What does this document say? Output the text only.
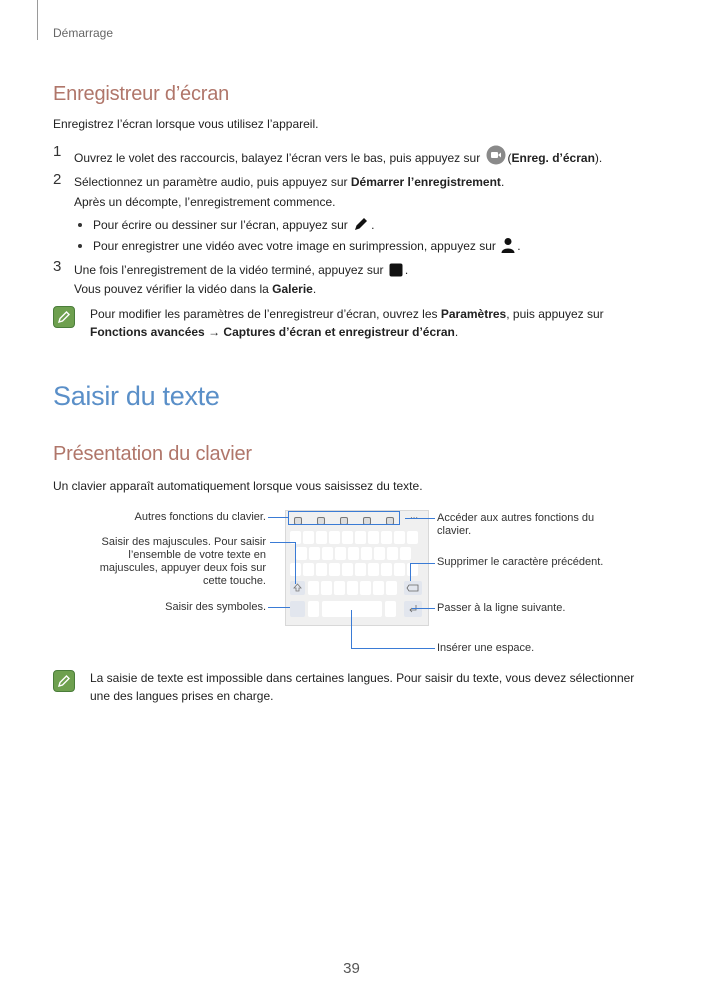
Démarrage
Enregistreur d’écran
Enregistrez l’écran lorsque vous utilisez l’appareil.
1 Ouvrez le volet des raccourcis, balayez l’écran vers le bas, puis appuyez sur (Enreg. d’écran).
2 Sélectionnez un paramètre audio, puis appuyez sur Démarrer l’enregistrement.
Après un décompte, l’enregistrement commence.
Pour écrire ou dessiner sur l’écran, appuyez sur .
Pour enregistrer une vidéo avec votre image en surimpression, appuyez sur .
3 Une fois l’enregistrement de la vidéo terminé, appuyez sur .
Vous pouvez vérifier la vidéo dans la Galerie.
Pour modifier les paramètres de l’enregistreur d’écran, ouvrez les Paramètres, puis appuyez sur
Fonctions avancées → Captures d’écran et enregistreur d’écran.
Saisir du texte
Présentation du clavier
Un clavier apparaît automatiquement lorsque vous saisissez du texte.
Autres fonctions du clavier.
Saisir des majuscules. Pour saisir
l’ensemble de votre texte en
majuscules, appuyer deux fois sur
cette touche.
Saisir des symboles.
Accéder aux autres fonctions du
clavier.
Supprimer le caractère précédent.
Passer à la ligne suivante.
Insérer une espace.
La saisie de texte est impossible dans certaines langues. Pour saisir du texte, vous devez sélectionner
une des langues prises en charge.
39
